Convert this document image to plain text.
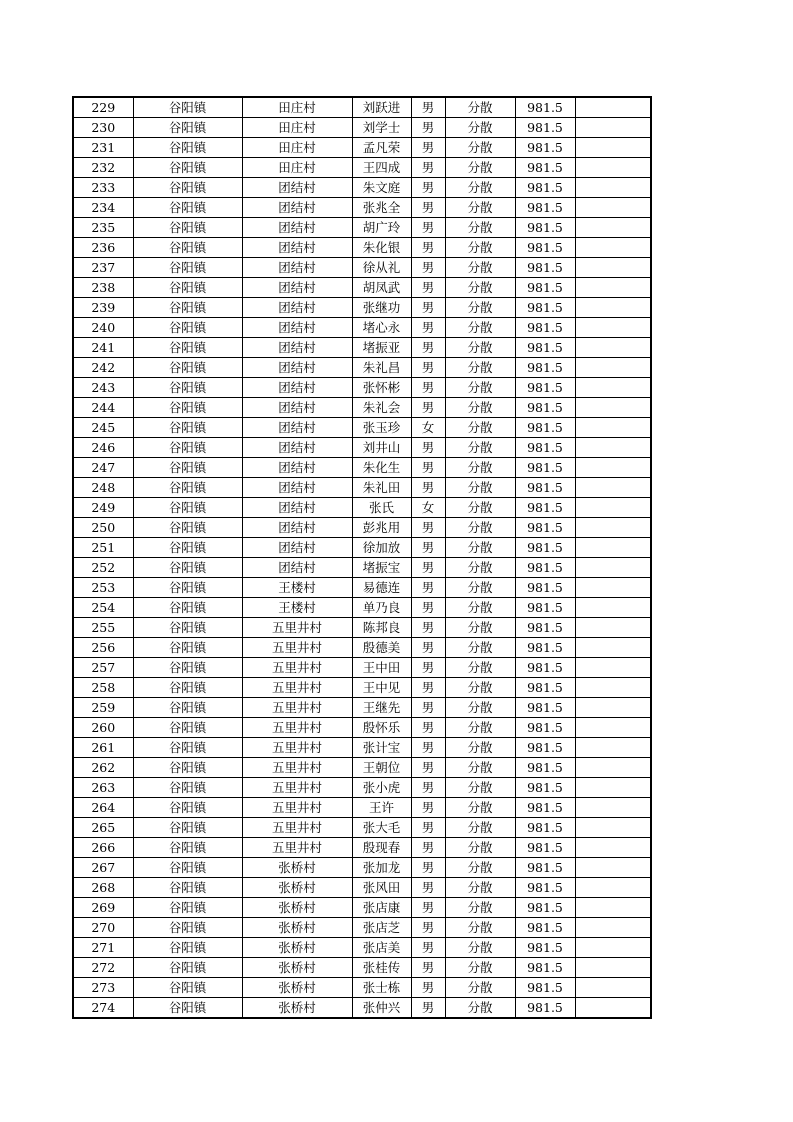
229	谷阳镇	田庄村	刘跃进	男	分散	981.5	
230	谷阳镇	田庄村	刘学士	男	分散	981.5	
231	谷阳镇	田庄村	孟凡荣	男	分散	981.5	
232	谷阳镇	田庄村	王四成	男	分散	981.5	
233	谷阳镇	团结村	朱文庭	男	分散	981.5	
234	谷阳镇	团结村	张兆全	男	分散	981.5	
235	谷阳镇	团结村	胡广玲	男	分散	981.5	
236	谷阳镇	团结村	朱化银	男	分散	981.5	
237	谷阳镇	团结村	徐从礼	男	分散	981.5	
238	谷阳镇	团结村	胡凤武	男	分散	981.5	
239	谷阳镇	团结村	张继功	男	分散	981.5	
240	谷阳镇	团结村	堵心永	男	分散	981.5	
241	谷阳镇	团结村	堵振亚	男	分散	981.5	
242	谷阳镇	团结村	朱礼昌	男	分散	981.5	
243	谷阳镇	团结村	张怀彬	男	分散	981.5	
244	谷阳镇	团结村	朱礼会	男	分散	981.5	
245	谷阳镇	团结村	张玉珍	女	分散	981.5	
246	谷阳镇	团结村	刘井山	男	分散	981.5	
247	谷阳镇	团结村	朱化生	男	分散	981.5	
248	谷阳镇	团结村	朱礼田	男	分散	981.5	
249	谷阳镇	团结村	张氏	女	分散	981.5	
250	谷阳镇	团结村	彭兆用	男	分散	981.5	
251	谷阳镇	团结村	徐加放	男	分散	981.5	
252	谷阳镇	团结村	堵振宝	男	分散	981.5	
253	谷阳镇	王楼村	易德连	男	分散	981.5	
254	谷阳镇	王楼村	单乃良	男	分散	981.5	
255	谷阳镇	五里井村	陈邦良	男	分散	981.5	
256	谷阳镇	五里井村	殷德美	男	分散	981.5	
257	谷阳镇	五里井村	王中田	男	分散	981.5	
258	谷阳镇	五里井村	王中见	男	分散	981.5	
259	谷阳镇	五里井村	王继先	男	分散	981.5	
260	谷阳镇	五里井村	殷怀乐	男	分散	981.5	
261	谷阳镇	五里井村	张计宝	男	分散	981.5	
262	谷阳镇	五里井村	王朝位	男	分散	981.5	
263	谷阳镇	五里井村	张小虎	男	分散	981.5	
264	谷阳镇	五里井村	王许	男	分散	981.5	
265	谷阳镇	五里井村	张大毛	男	分散	981.5	
266	谷阳镇	五里井村	殷现春	男	分散	981.5	
267	谷阳镇	张桥村	张加龙	男	分散	981.5	
268	谷阳镇	张桥村	张风田	男	分散	981.5	
269	谷阳镇	张桥村	张店康	男	分散	981.5	
270	谷阳镇	张桥村	张店芝	男	分散	981.5	
271	谷阳镇	张桥村	张店美	男	分散	981.5	
272	谷阳镇	张桥村	张桂传	男	分散	981.5	
273	谷阳镇	张桥村	张士栋	男	分散	981.5	
274	谷阳镇	张桥村	张仲兴	男	分散	981.5	
